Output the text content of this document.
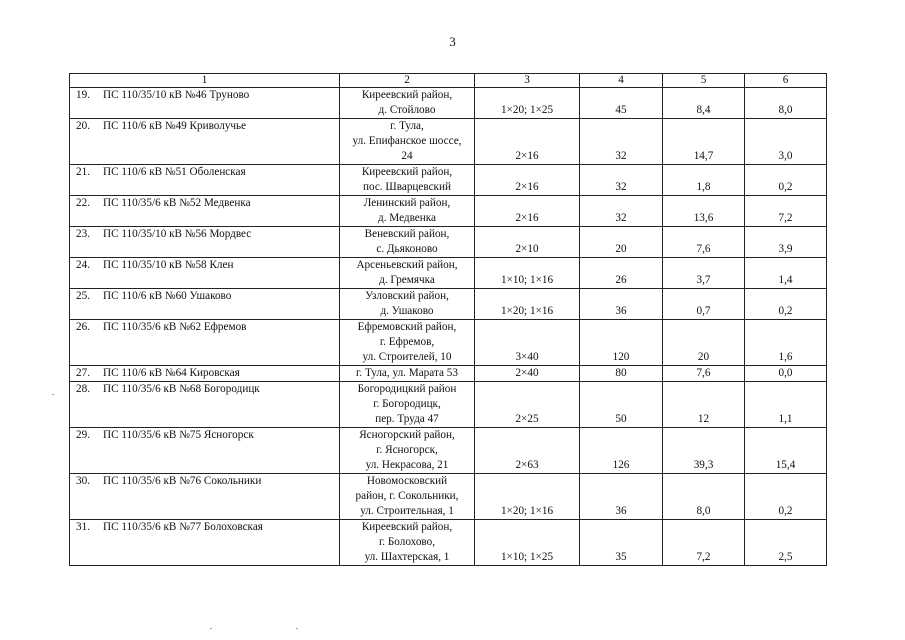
3
1	2	3	4	5	6
19. ПС 110/35/10 кВ №46 Труново	Киреевский район,
д. Стойлово	1×20; 1×25	45	8,4	8,0
20. ПС 110/6 кВ №49 Криволучье	г. Тула,
ул. Епифанское шоссе,
24	2×16	32	14,7	3,0
21. ПС 110/6 кВ №51 Оболенская	Киреевский район,
пос. Шварцевский	2×16	32	1,8	0,2
22. ПС 110/35/6 кВ №52 Медвенка	Ленинский район,
д. Медвенка	2×16	32	13,6	7,2
23. ПС 110/35/10 кВ №56 Мордвес	Веневский район,
с. Дьяконово	2×10	20	7,6	3,9
24. ПС 110/35/10 кВ №58 Клен	Арсеньевский район,
д. Гремячка	1×10; 1×16	26	3,7	1,4
25. ПС 110/6 кВ №60 Ушаково	Узловский район,
д. Ушаково	1×20; 1×16	36	0,7	0,2
26. ПС 110/35/6 кВ №62 Ефремов	Ефремовский район,
г. Ефремов,
ул. Строителей, 10	3×40	120	20	1,6
27. ПС 110/6 кВ №64 Кировская	г. Тула, ул. Марата 53	2×40	80	7,6	0,0
28. ПС 110/35/6 кВ №68 Богородицк	Богородицкий район
г. Богородицк,
пер. Труда 47	2×25	50	12	1,1
29. ПС 110/35/6 кВ №75 Ясногорск	Ясногорский район,
г. Ясногорск,
ул. Некрасова, 21	2×63	126	39,3	15,4
30. ПС 110/35/6 кВ №76 Сокольники	Новомосковский
район, г. Сокольники,
ул. Строительная, 1	1×20; 1×16	36	8,0	0,2
31. ПС 110/35/6 кВ №77 Болоховская	Киреевский район,
г. Болохово,
ул. Шахтерская, 1	1×10; 1×25	35	7,2	2,5
